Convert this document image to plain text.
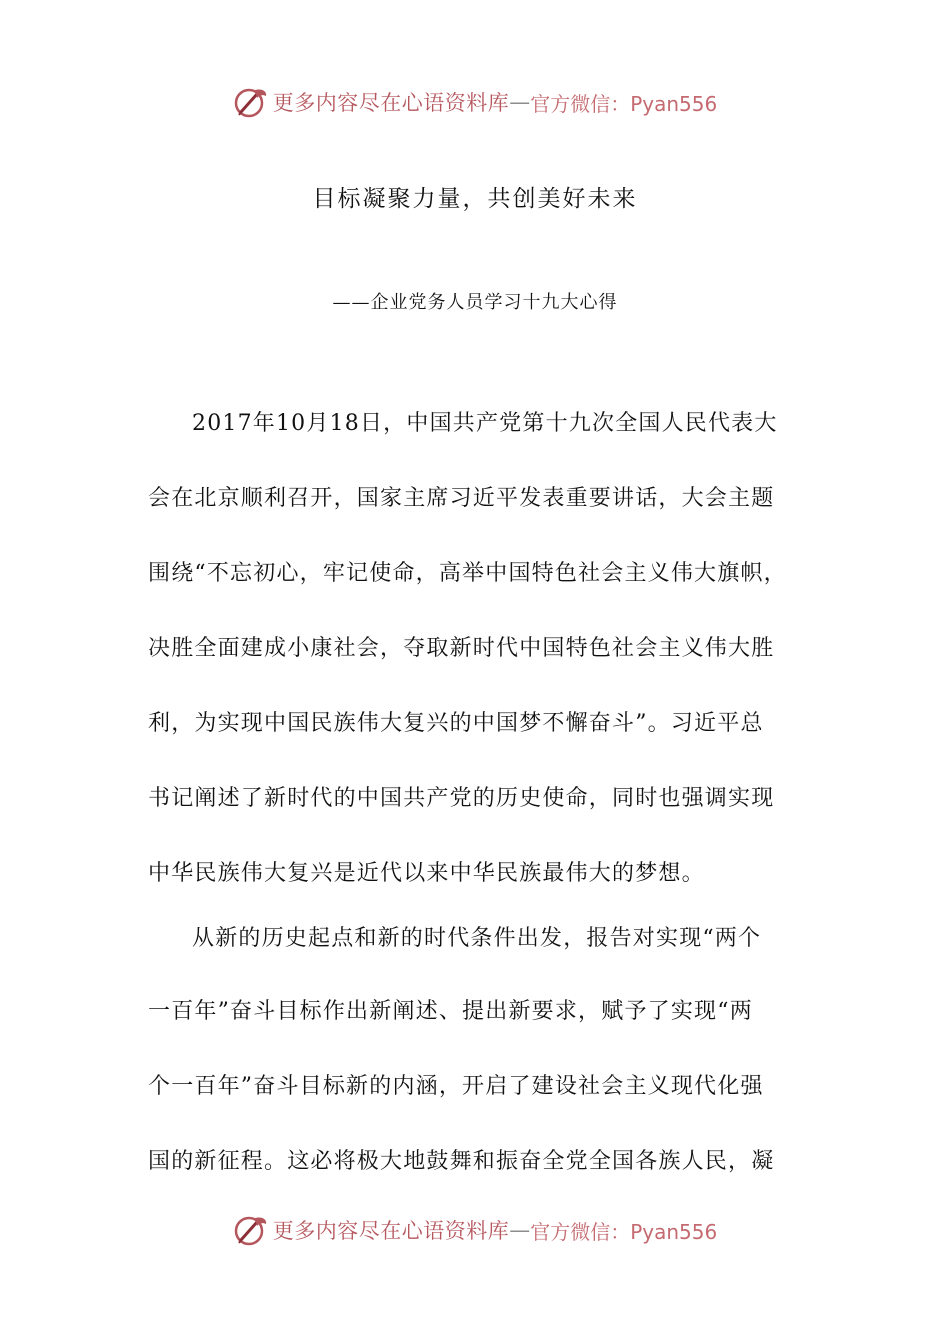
更多内容尽在心语资料库 — 官方微信：Pyan556
目标凝聚力量，共创美好未来
——企业党务人员学习十九大心得
2017年10月18日，中国共产党第十九次全国人民代表大
会在北京顺利召开，国家主席习近平发表重要讲话，大会主题
围绕“不忘初心，牢记使命，高举中国特色社会主义伟大旗帜，
决胜全面建成小康社会，夺取新时代中国特色社会主义伟大胜
利，为实现中国民族伟大复兴的中国梦不懈奋斗”。习近平总
书记阐述了新时代的中国共产党的历史使命，同时也强调实现
中华民族伟大复兴是近代以来中华民族最伟大的梦想。
从新的历史起点和新的时代条件出发，报告对实现“两个
一百年”奋斗目标作出新阐述、提出新要求，赋予了实现“两
个一百年”奋斗目标新的内涵，开启了建设社会主义现代化强
国的新征程。这必将极大地鼓舞和振奋全党全国各族人民，凝
更多内容尽在心语资料库 — 官方微信：Pyan556
